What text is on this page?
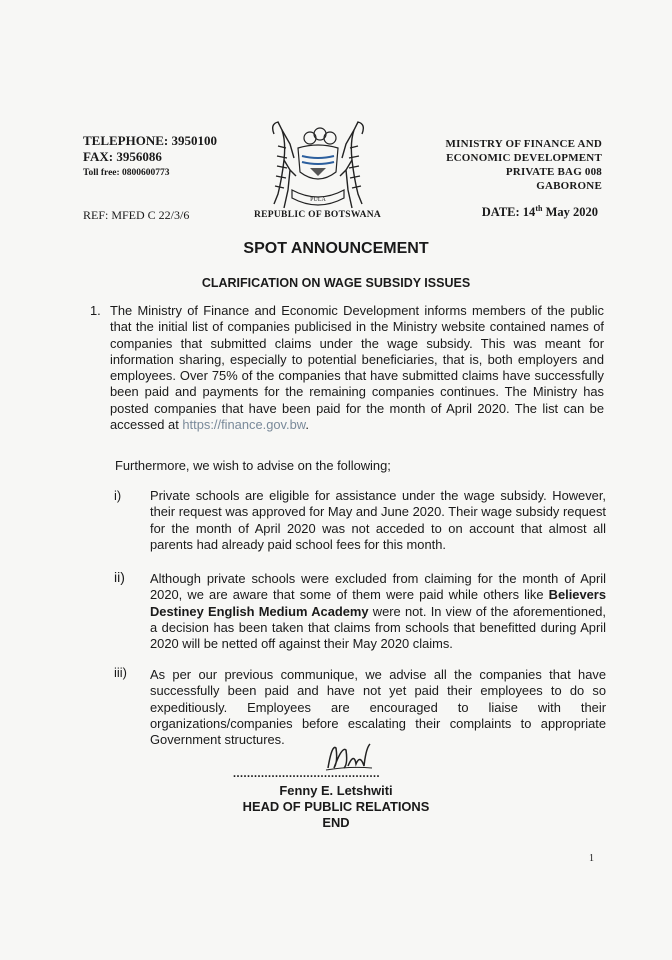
TELEPHONE: 3950100
FAX: 3956086
Toll free: 0800600773
PULA
REPUBLIC OF BOTSWANA
MINISTRY OF FINANCE AND
ECONOMIC DEVELOPMENT
PRIVATE BAG 008
GABORONE
REF: MFED C 22/3/6	DATE: 14th May 2020
SPOT ANNOUNCEMENT
CLARIFICATION ON WAGE SUBSIDY ISSUES
1. The Ministry of Finance and Economic Development informs members of the public that the initial list of companies publicised in the Ministry website contained names of companies that submitted claims under the wage subsidy. This was meant for information sharing, especially to potential beneficiaries, that is, both employers and employees. Over 75% of the companies that have submitted claims have successfully been paid and payments for the remaining companies continues. The Ministry has posted companies that have been paid for the month of April 2020. The list can be accessed at https://finance.gov.bw.
Furthermore, we wish to advise on the following;
i) Private schools are eligible for assistance under the wage subsidy. However, their request was approved for May and June 2020. Their wage subsidy request for the month of April 2020 was not acceded to on account that almost all parents had already paid school fees for this month.
ii) Although private schools were excluded from claiming for the month of April 2020, we are aware that some of them were paid while others like Believers Destiney English Medium Academy were not. In view of the aforementioned, a decision has been taken that claims from schools that benefitted during April 2020 will be netted off against their May 2020 claims.
iii) As per our previous communique, we advise all the companies that have successfully been paid and have not yet paid their employees to do so expeditiously. Employees are encouraged to liaise with their organizations/companies before escalating their complaints to appropriate Government structures.
..........................................
Fenny E. Letshwiti
HEAD OF PUBLIC RELATIONS
END
1
